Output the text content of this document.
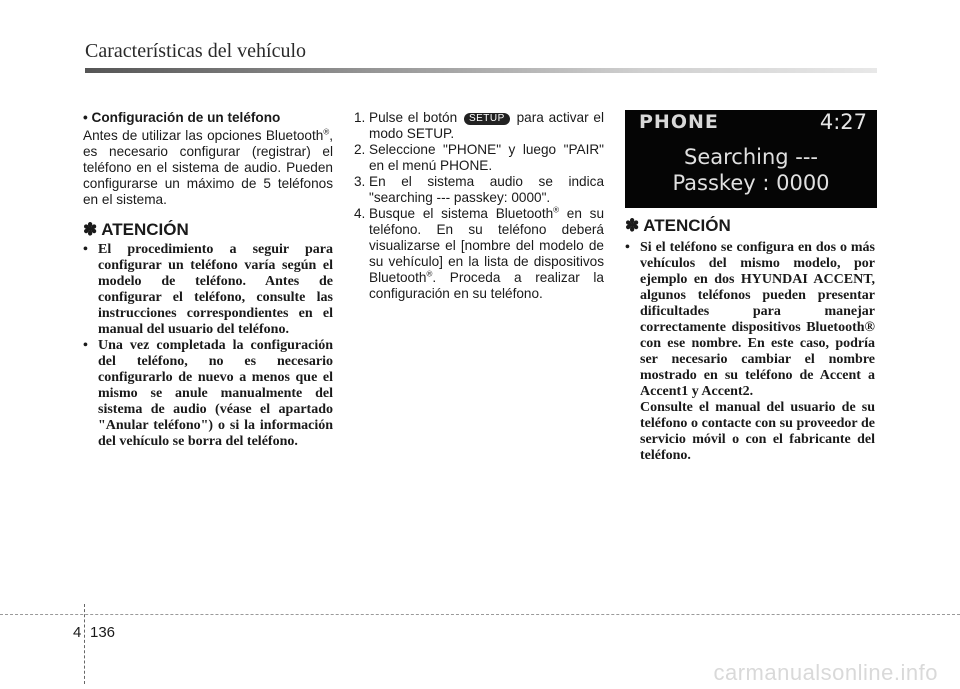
Características del vehículo

• Configuración de un teléfono

Antes de utilizar las opciones Bluetooth®, es necesario configurar (registrar) el teléfono en el sistema de audio. Pueden configurarse un máximo de 5 teléfonos en el sistema.

✽ ATENCIÓN
• El procedimiento a seguir para configurar un teléfono varía según el modelo de teléfono. Antes de configurar el teléfono, consulte las instrucciones correspondientes en el manual del usuario del teléfono.
• Una vez completada la configuración del teléfono, no es necesario configurarlo de nuevo a menos que el mismo se anule manualmente del sistema de audio (véase el apartado "Anular teléfono") o si la información del vehículo se borra del teléfono.
1. Pulse el botón SETUP para activar el modo SETUP.
2. Seleccione "PHONE" y luego "PAIR" en el menú PHONE.
3. En el sistema audio se indica "searching --- passkey: 0000".
4. Busque el sistema Bluetooth® en su teléfono. En su teléfono deberá visualizarse el [nombre del modelo de su vehículo] en la lista de dispositivos Bluetooth®. Proceda a realizar la configuración en su teléfono.
PHONE	4:27
Searching ---
Passkey : 0000
✽ ATENCIÓN
• Si el teléfono se configura en dos o más vehículos del mismo modelo, por ejemplo en dos HYUNDAI ACCENT, algunos teléfonos pueden presentar dificultades para manejar correctamente dispositivos Bluetooth® con ese nombre. En este caso, podría ser necesario cambiar el nombre mostrado en su teléfono de Accent a Accent1 y Accent2.
Consulte el manual del usuario de su teléfono o contacte con su proveedor de servicio móvil o con el fabricante del teléfono.
4 136
carmanualsonline.info
